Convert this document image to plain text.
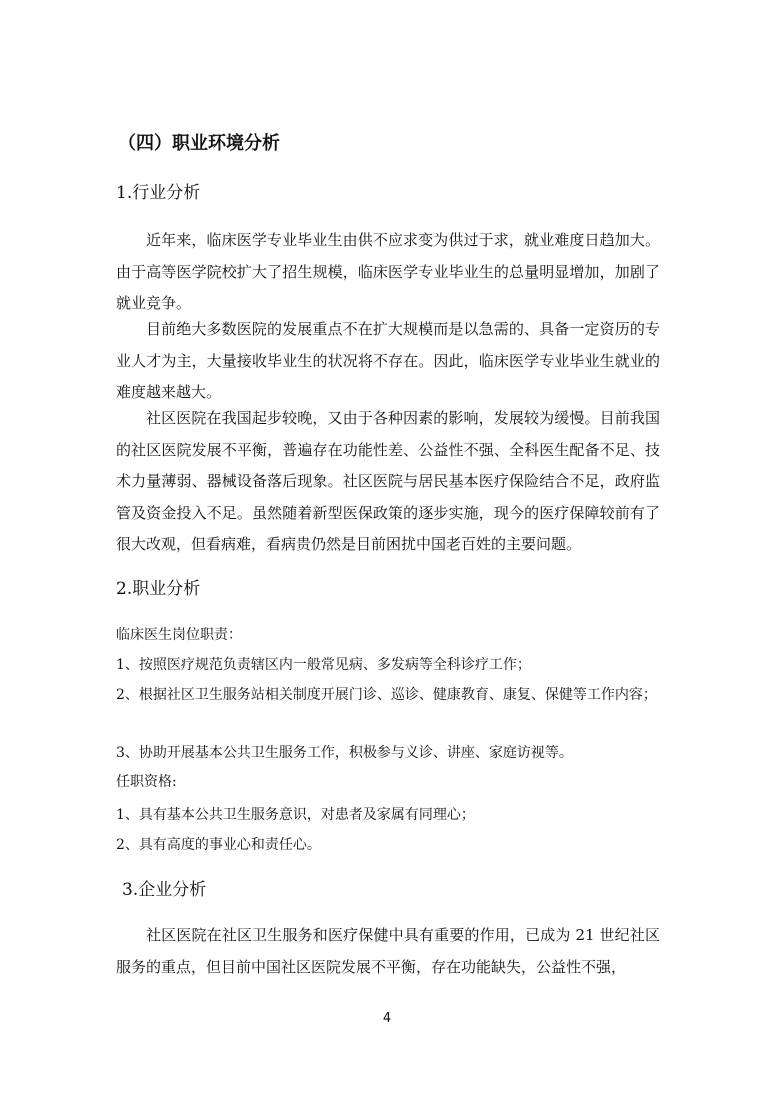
（四）职业环境分析
1.行业分析

近年来，临床医学专业毕业生由供不应求变为供过于求，就业难度日趋加大。由于高等医学院校扩大了招生规模，临床医学专业毕业生的总量明显增加，加剧了就业竞争。

目前绝大多数医院的发展重点不在扩大规模而是以急需的、具备一定资历的专业人才为主，大量接收毕业生的状况将不存在。因此，临床医学专业毕业生就业的难度越来越大。

社区医院在我国起步较晚，又由于各种因素的影响，发展较为缓慢。目前我国的社区医院发展不平衡，普遍存在功能性差、公益性不强、全科医生配备不足、技术力量薄弱、器械设备落后现象。社区医院与居民基本医疗保险结合不足，政府监管及资金投入不足。虽然随着新型医保政策的逐步实施，现今的医疗保障较前有了很大改观，但看病难，看病贵仍然是目前困扰中国老百姓的主要问题。

2.职业分析
临床医生岗位职责：
1、按照医疗规范负责辖区内一般常见病、多发病等全科诊疗工作；
2、根据社区卫生服务站相关制度开展门诊、巡诊、健康教育、康复、保健等工作内容；
3、协助开展基本公共卫生服务工作，积极参与义诊、讲座、家庭访视等。
任职资格:
1、具有基本公共卫生服务意识，对患者及家属有同理心；
2、具有高度的事业心和责任心。
3.企业分析

社区医院在社区卫生服务和医疗保健中具有重要的作用，已成为 21 世纪社区服务的重点，但目前中国社区医院发展不平衡，存在功能缺失，公益性不强，

4
